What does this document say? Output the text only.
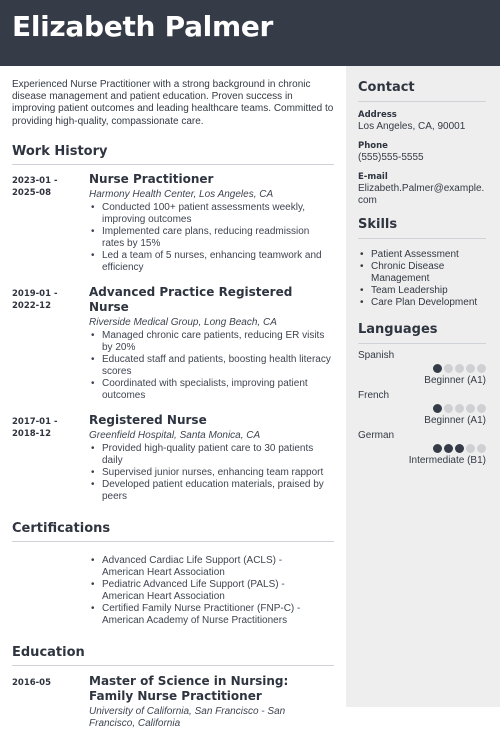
Elizabeth Palmer

Experienced Nurse Practitioner with a strong background in chronic disease management and patient education. Proven success in improving patient outcomes and leading healthcare teams. Committed to providing high-quality, compassionate care.

Work History
2023-01 -
2025-08
Nurse Practitioner
Harmony Health Center, Los Angeles, CA
• Conducted 100+ patient assessments weekly, improving outcomes
• Implemented care plans, reducing readmission rates by 15%
• Led a team of 5 nurses, enhancing teamwork and efficiency
2019-01 -
2022-12
Advanced Practice Registered Nurse
Riverside Medical Group, Long Beach, CA
• Managed chronic care patients, reducing ER visits by 20%
• Educated staff and patients, boosting health literacy scores
• Coordinated with specialists, improving patient outcomes
2017-01 -
2018-12
Registered Nurse
Greenfield Hospital, Santa Monica, CA
• Provided high-quality patient care to 30 patients daily
• Supervised junior nurses, enhancing team rapport
• Developed patient education materials, praised by peers
Certifications
• Advanced Cardiac Life Support (ACLS) - American Heart Association
• Pediatric Advanced Life Support (PALS) - American Heart Association
• Certified Family Nurse Practitioner (FNP-C) - American Academy of Nurse Practitioners
Education
2016-05	Master of Science in Nursing: Family Nurse Practitioner
University of California, San Francisco - San Francisco, California
Contact
Address
Los Angeles, CA, 90001
Phone
(555)555-5555
E-mail
Elizabeth.Palmer@example.
com
Skills
• Patient Assessment
• Chronic Disease Management
• Team Leadership
• Care Plan Development
Languages
Spanish
Beginner (A1)
French
Beginner (A1)
German
Intermediate (B1)
